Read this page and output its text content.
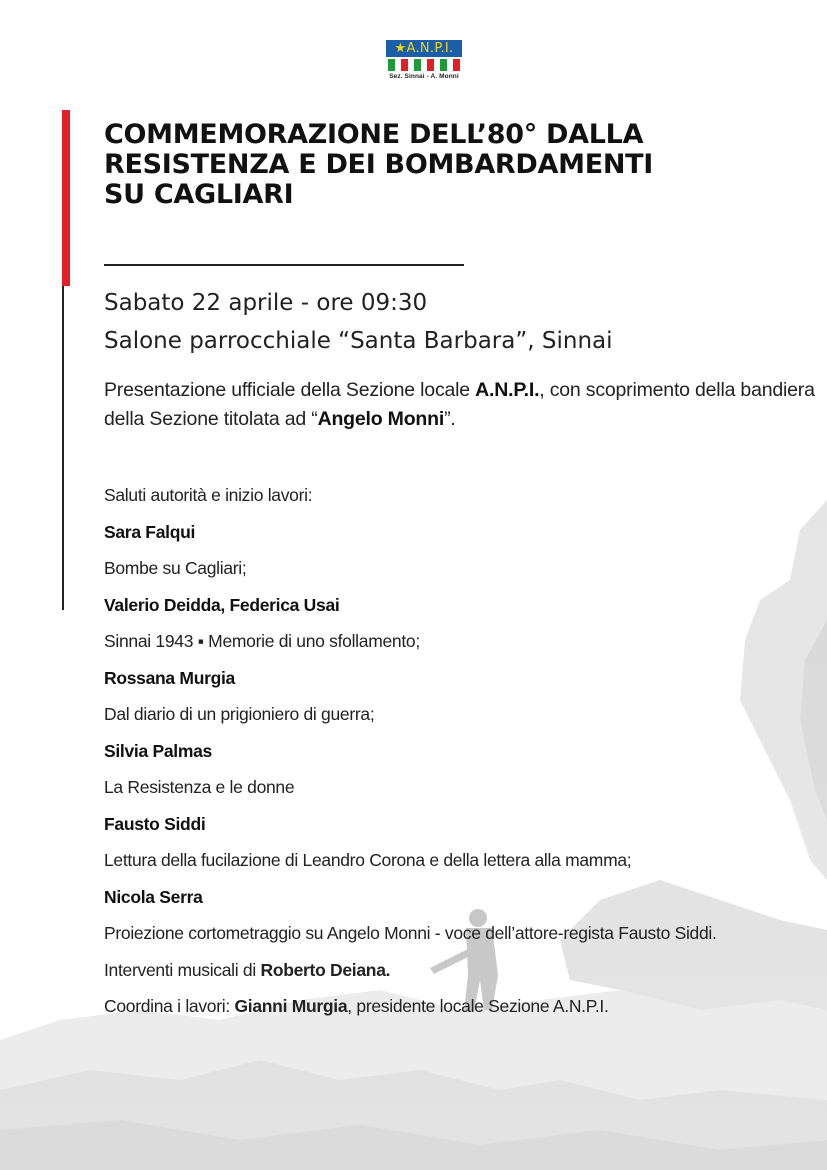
★A.N.P.I.
Sez. Sinnai - A. Monni
COMMEMORAZIONE DELL’80° DALLA
RESISTENZA E DEI BOMBARDAMENTI
SU CAGLIARI

Sabato 22 aprile - ore 09:30
Salone parrocchiale “Santa Barbara”, Sinnai

Presentazione ufficiale della Sezione locale A.N.P.I., con scoprimento della bandiera della Sezione titolata ad “Angelo Monni”.
Saluti autorità e inizio lavori:
Sara Falqui
Bombe su Cagliari;
Valerio Deidda, Federica Usai
Sinnai 1943 ▪ Memorie di uno sfollamento;
Rossana Murgia
Dal diario di un prigioniero di guerra;
Silvia Palmas
La Resistenza e le donne
Fausto Siddi
Lettura della fucilazione di Leandro Corona e della lettera alla mamma;
Nicola Serra
Proiezione cortometraggio su Angelo Monni - voce dell’attore-regista Fausto Siddi.
Interventi musicali di Roberto Deiana.
Coordina i lavori: Gianni Murgia, presidente locale Sezione A.N.P.I.
